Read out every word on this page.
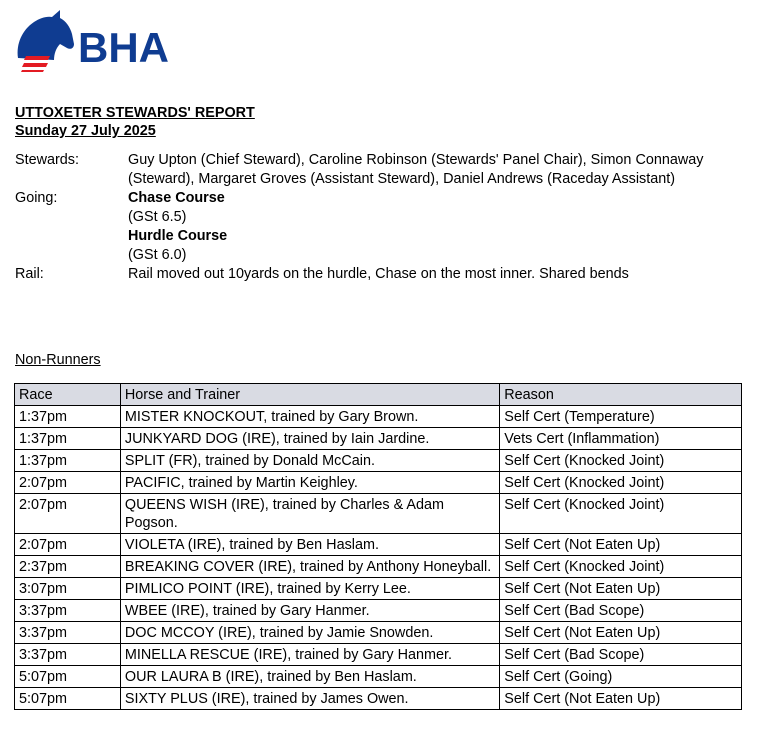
BHA
UTTOXETER STEWARDS' REPORT
Sunday 27 July 2025
Stewards:	Guy Upton (Chief Steward), Caroline Robinson (Stewards' Panel Chair), Simon Connaway (Steward), Margaret Groves (Assistant Steward), Daniel Andrews (Raceday Assistant)
Going:	Chase Course
(GSt 6.5)
Hurdle Course
(GSt 6.0)
Rail:	Rail moved out 10yards on the hurdle, Chase on the most inner. Shared bends
Non-Runners
Race	Horse and Trainer	Reason
1:37pm	MISTER KNOCKOUT, trained by Gary Brown.	Self Cert (Temperature)
1:37pm	JUNKYARD DOG (IRE), trained by Iain Jardine.	Vets Cert (Inflammation)
1:37pm	SPLIT (FR), trained by Donald McCain.	Self Cert (Knocked Joint)
2:07pm	PACIFIC, trained by Martin Keighley.	Self Cert (Knocked Joint)
2:07pm	QUEENS WISH (IRE), trained by Charles & Adam Pogson.	Self Cert (Knocked Joint)
2:07pm	VIOLETA (IRE), trained by Ben Haslam.	Self Cert (Not Eaten Up)
2:37pm	BREAKING COVER (IRE), trained by Anthony Honeyball.	Self Cert (Knocked Joint)
3:07pm	PIMLICO POINT (IRE), trained by Kerry Lee.	Self Cert (Not Eaten Up)
3:37pm	WBEE (IRE), trained by Gary Hanmer.	Self Cert (Bad Scope)
3:37pm	DOC MCCOY (IRE), trained by Jamie Snowden.	Self Cert (Not Eaten Up)
3:37pm	MINELLA RESCUE (IRE), trained by Gary Hanmer.	Self Cert (Bad Scope)
5:07pm	OUR LAURA B (IRE), trained by Ben Haslam.	Self Cert (Going)
5:07pm	SIXTY PLUS (IRE), trained by James Owen.	Self Cert (Not Eaten Up)
